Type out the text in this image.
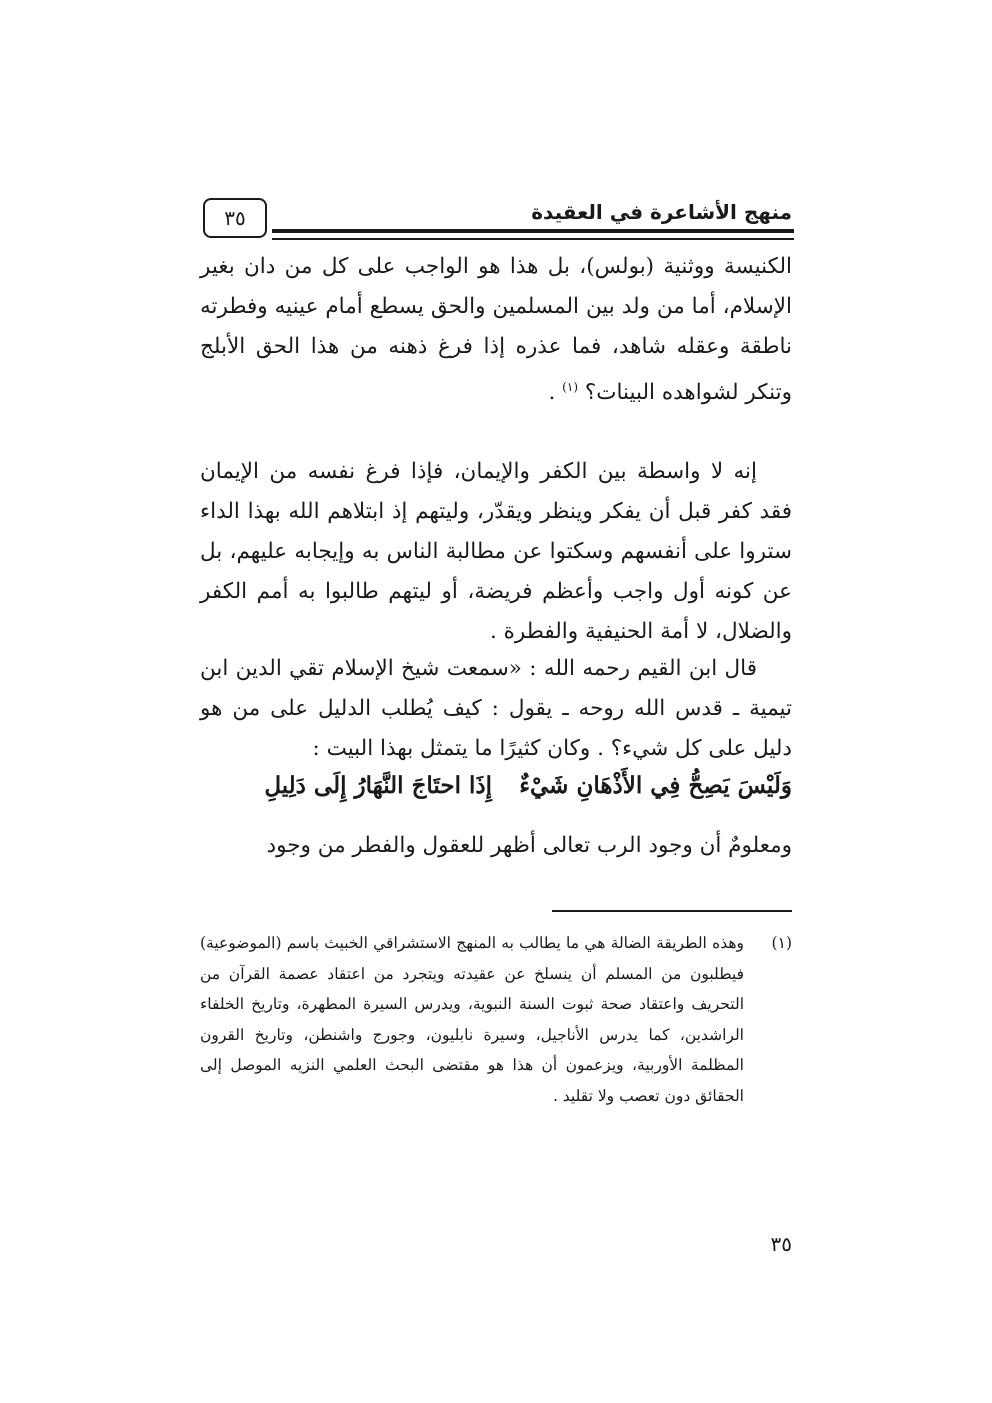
منهج الأشاعرة في العقيدة
٣٥
الكنيسة ووثنية (بولس)، بل هذا هو الواجب على كل من دان بغير الإسلام، أما من ولد بين المسلمين والحق يسطع أمام عينيه وفطرته ناطقة وعقله شاهد، فما عذره إذا فرغ ذهنه من هذا الحق الأبلج وتنكر لشواهده البينات؟ $^{(١)}$ .
إنه لا واسطة بين الكفر والإيمان، فإذا فرغ نفسه من الإيمان فقد كفر قبل أن يفكر وينظر ويقدّر، وليتهم إذ ابتلاهم الله بهذا الداء ستروا على أنفسهم وسكتوا عن مطالبة الناس به وإيجابه عليهم، بل عن كونه أول واجب وأعظم فريضة، أو ليتهم طالبوا به أمم الكفر والضلال، لا أمة الحنيفية والفطرة .
قال ابن القيم رحمه الله : «سمعت شيخ الإسلام تقي الدين ابن تيمية ـ قدس الله روحه ـ يقول : كيف يُطلب الدليل على من هو دليل على كل شيء؟ . وكان كثيرًا ما يتمثل بهذا البيت :
وَلَيْسَ يَصِحُّ فِي الأَذْهَانِ شَيْءٌ
إِذَا احتَاجَ النَّهَارُ إِلَى دَلِيلِ
ومعلومٌ أن وجود الرب تعالى أظهر للعقول والفطر من وجود
(١)
وهذه الطريقة الضالة هي ما يطالب به المنهج الاستشراقي الخبيث باسم (الموضوعية) فيطلبون من المسلم أن ينسلخ عن عقيدته ويتجرد من اعتقاد عصمة القرآن من التحريف واعتقاد صحة ثبوت السنة النبوية، ويدرس السيرة المطهرة، وتاريخ الخلفاء الراشدين، كما يدرس الأناجيل، وسيرة نابليون، وجورج واشنطن، وتاريخ القرون المظلمة الأوربية، ويزعمون أن هذا هو مقتضى البحث العلمي النزيه الموصل إلى الحقائق دون تعصب ولا تقليد .
٣٥
